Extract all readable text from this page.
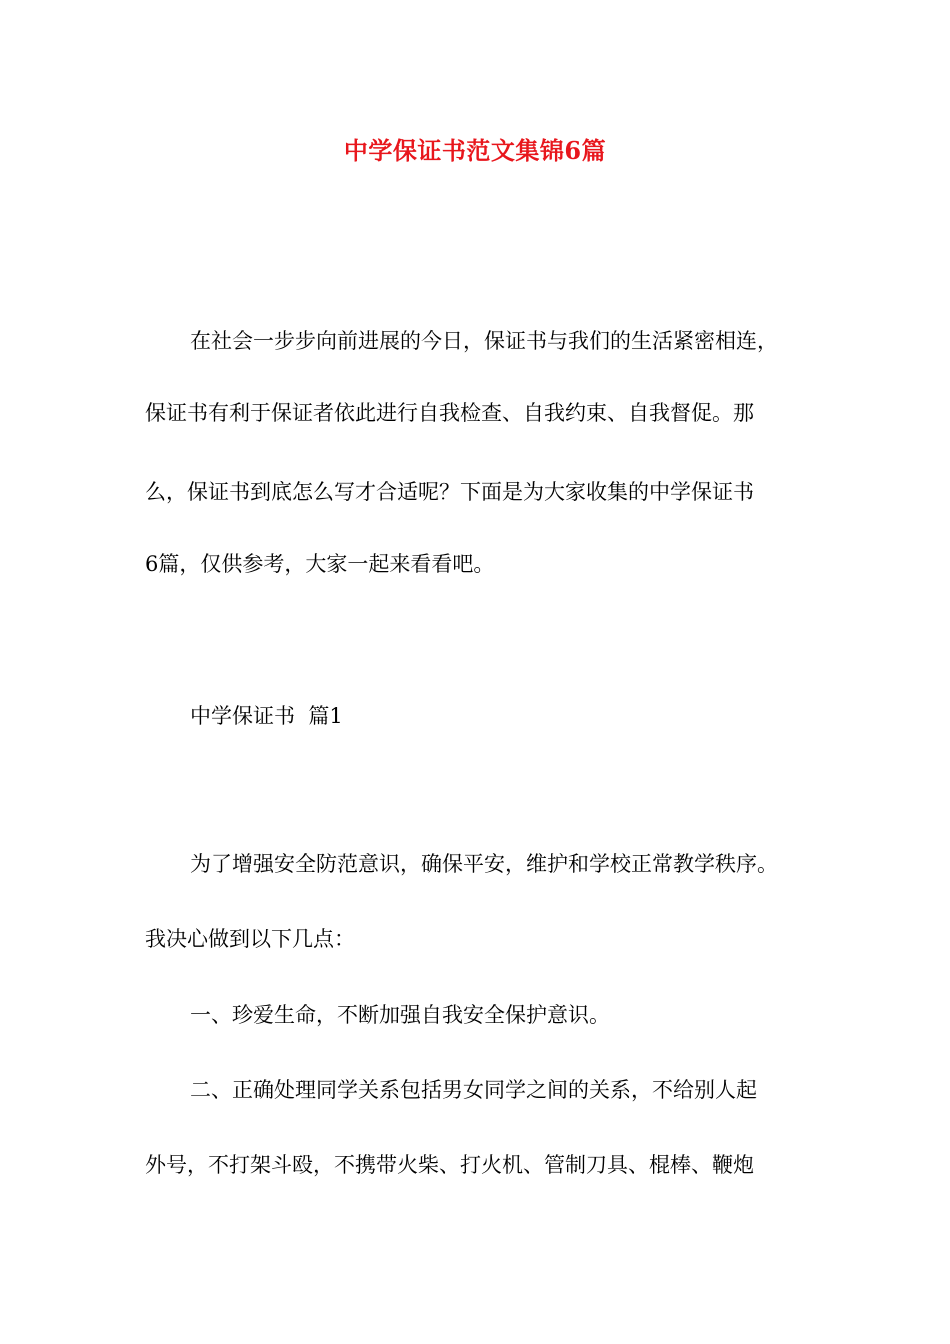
中学保证书范文集锦6篇
在社会一步步向前进展的今日，保证书与我们的生活紧密相连，
保证书有利于保证者依此进行自我检查、自我约束、自我督促。那
么，保证书到底怎么写才合适呢？下面是为大家收集的中学保证书
6篇，仅供参考，大家一起来看看吧。
中学保证书  篇1
为了增强安全防范意识，确保平安，维护和学校正常教学秩序。
我决心做到以下几点：
一、珍爱生命，不断加强自我安全保护意识。
二、正确处理同学关系包括男女同学之间的关系，不给别人起
外号，不打架斗殴，不携带火柴、打火机、管制刀具、棍棒、鞭炮
